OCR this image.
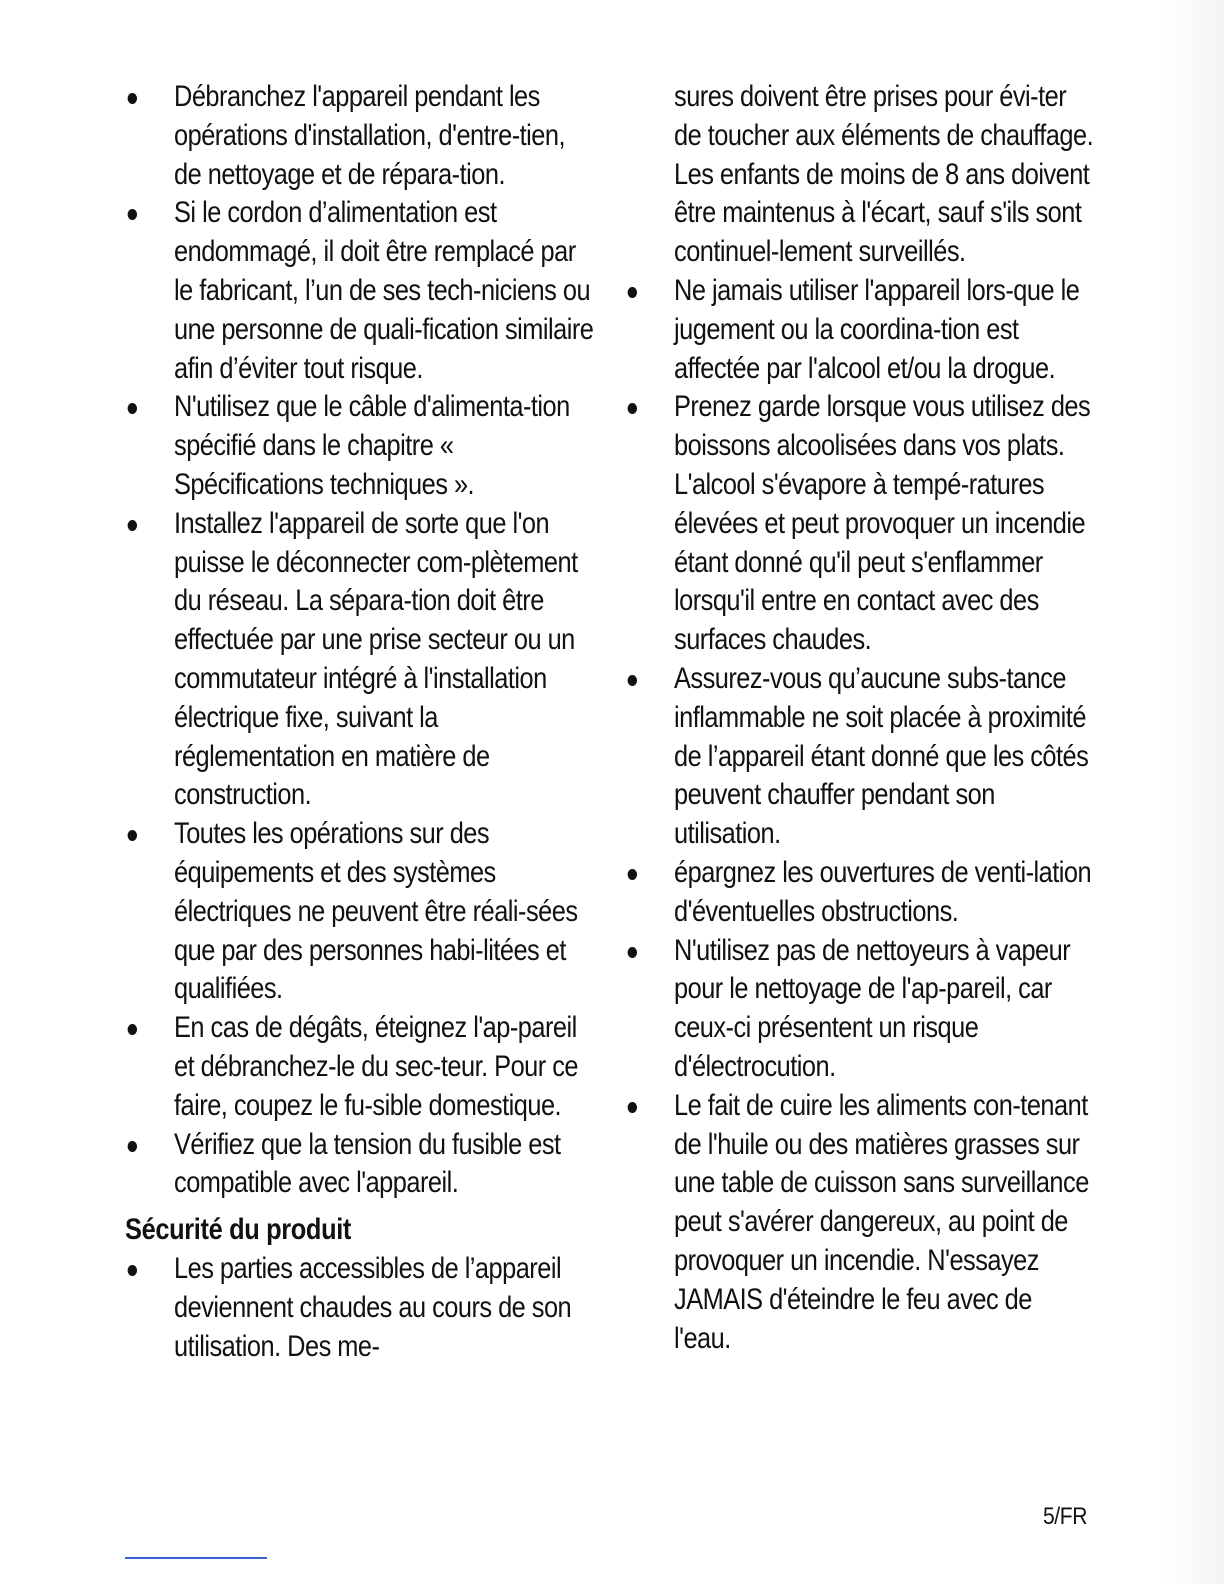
Débranchez l'appareil pendant les opérations d'installation, d'entre-tien, de nettoyage et de répara-tion.
Si le cordon d’alimentation est endommagé, il doit être remplacé par le fabricant, l’un de ses tech-niciens ou une personne de quali-fication similaire afin d’éviter tout risque.
N'utilisez que le câble d'alimenta-tion spécifié dans le chapitre « Spécifications techniques ».
Installez l'appareil de sorte que l'on puisse le déconnecter com-plètement du réseau. La sépara-tion doit être effectuée par une prise secteur ou un commutateur intégré à l'installation électrique fixe, suivant la réglementation en matière de construction.
Toutes les opérations sur des équipements et des systèmes électriques ne peuvent être réali-sées que par des personnes habi-litées et qualifiées.
En cas de dégâts, éteignez l'ap-pareil et débranchez-le du sec-teur. Pour ce faire, coupez le fu-sible domestique.
Vérifiez que la tension du fusible est compatible avec l'appareil.
Sécurité du produit
Les parties accessibles de l’appareil deviennent chaudes au cours de son utilisation. Des me-
sures doivent être prises pour évi-ter de toucher aux éléments de chauffage. Les enfants de moins de 8 ans doivent être maintenus à l'écart, sauf s'ils sont continuel-lement surveillés.
Ne jamais utiliser l'appareil lors-que le jugement ou la coordina-tion est affectée par l'alcool et/ou la drogue.
Prenez garde lorsque vous utilisez des boissons alcoolisées dans vos plats. L'alcool s'évapore à tempé-ratures élevées et peut provoquer un incendie étant donné qu'il peut s'enflammer lorsqu'il entre en contact avec des surfaces chaudes.
Assurez-vous qu’aucune subs-tance inflammable ne soit placée à proximité de l’appareil étant donné que les côtés peuvent chauffer pendant son utilisation.
épargnez les ouvertures de venti-lation d'éventuelles obstructions.
N'utilisez pas de nettoyeurs à vapeur pour le nettoyage de l'ap-pareil, car ceux-ci présentent un risque d'électrocution.
Le fait de cuire les aliments con-tenant de l'huile ou des matières grasses sur une table de cuisson sans surveillance peut s'avérer dangereux, au point de provoquer un incendie. N'essayez JAMAIS d'éteindre le feu avec de l'eau.
5/FR
